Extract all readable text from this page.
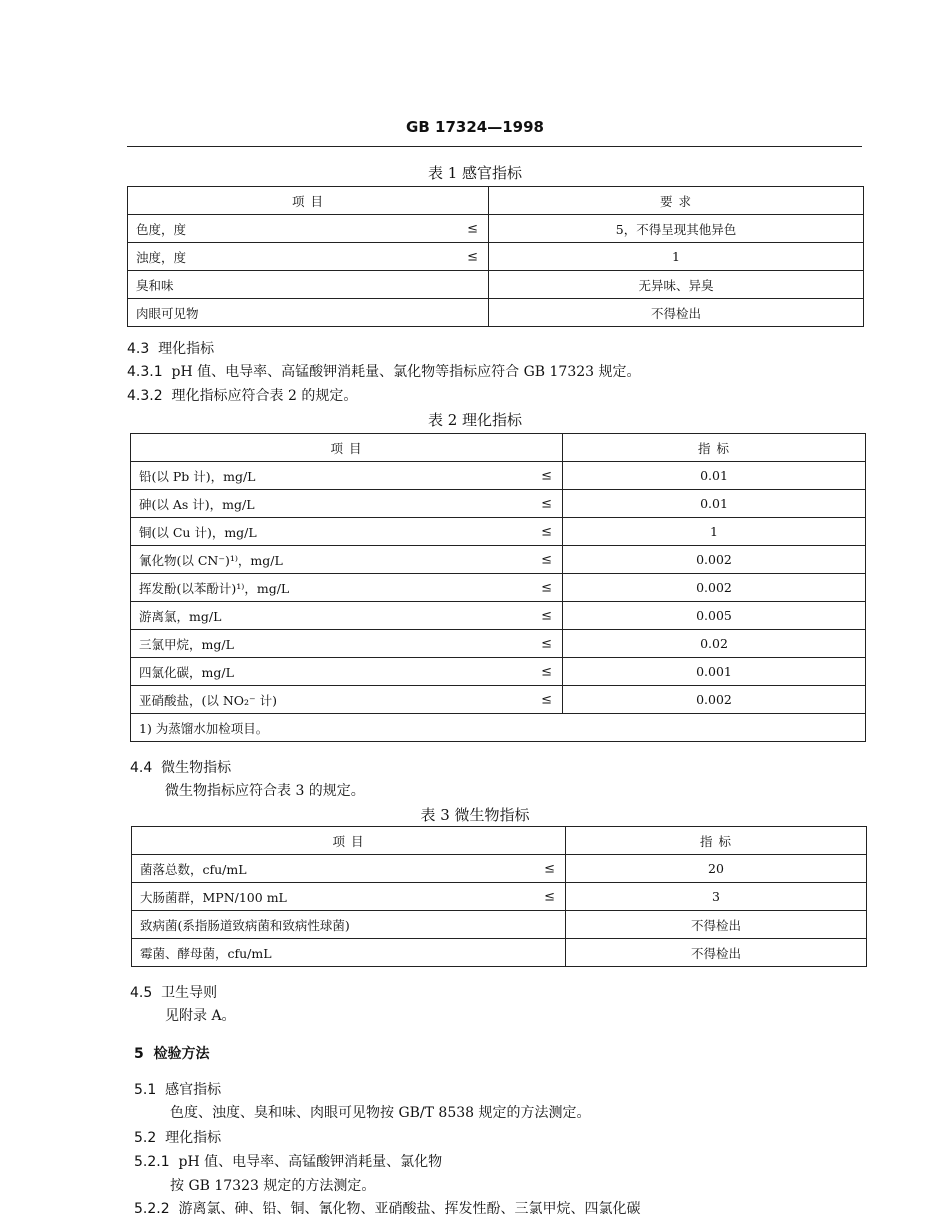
GB 17324—1998
表 1 感官指标
项 目	要 求
色度，度 ≤	5，不得呈现其他异色
浊度，度 ≤	1
臭和味	无异味、异臭
肉眼可见物	不得检出
4.3 理化指标
4.3.1 pH 值、电导率、高锰酸钾消耗量、氯化物等指标应符合 GB 17323 规定。
4.3.2 理化指标应符合表 2 的规定。
表 2 理化指标
项 目	指 标
铅(以 Pb 计)，mg/L ≤	0.01
砷(以 As 计)，mg/L ≤	0.01
铜(以 Cu 计)，mg/L ≤	1
氰化物(以 CN⁻)¹⁾，mg/L ≤	0.002
挥发酚(以苯酚计)¹⁾，mg/L ≤	0.002
游离氯，mg/L ≤	0.005
三氯甲烷，mg/L ≤	0.02
四氯化碳，mg/L ≤	0.001
亚硝酸盐，(以 NO₂⁻ 计) ≤	0.002
1) 为蒸馏水加检项目。	
4.4 微生物指标
微生物指标应符合表 3 的规定。
表 3 微生物指标
项 目	指 标
菌落总数，cfu/mL ≤	20
大肠菌群，MPN/100 mL ≤	3
致病菌(系指肠道致病菌和致病性球菌)	不得检出
霉菌、酵母菌，cfu/mL	不得检出
4.5 卫生导则
见附录 A。
5 检验方法
5.1 感官指标
色度、浊度、臭和味、肉眼可见物按 GB/T 8538 规定的方法测定。
5.2 理化指标
5.2.1 pH 值、电导率、高锰酸钾消耗量、氯化物
按 GB 17323 规定的方法测定。
5.2.2 游离氯、砷、铅、铜、氰化物、亚硝酸盐、挥发性酚、三氯甲烷、四氯化碳
